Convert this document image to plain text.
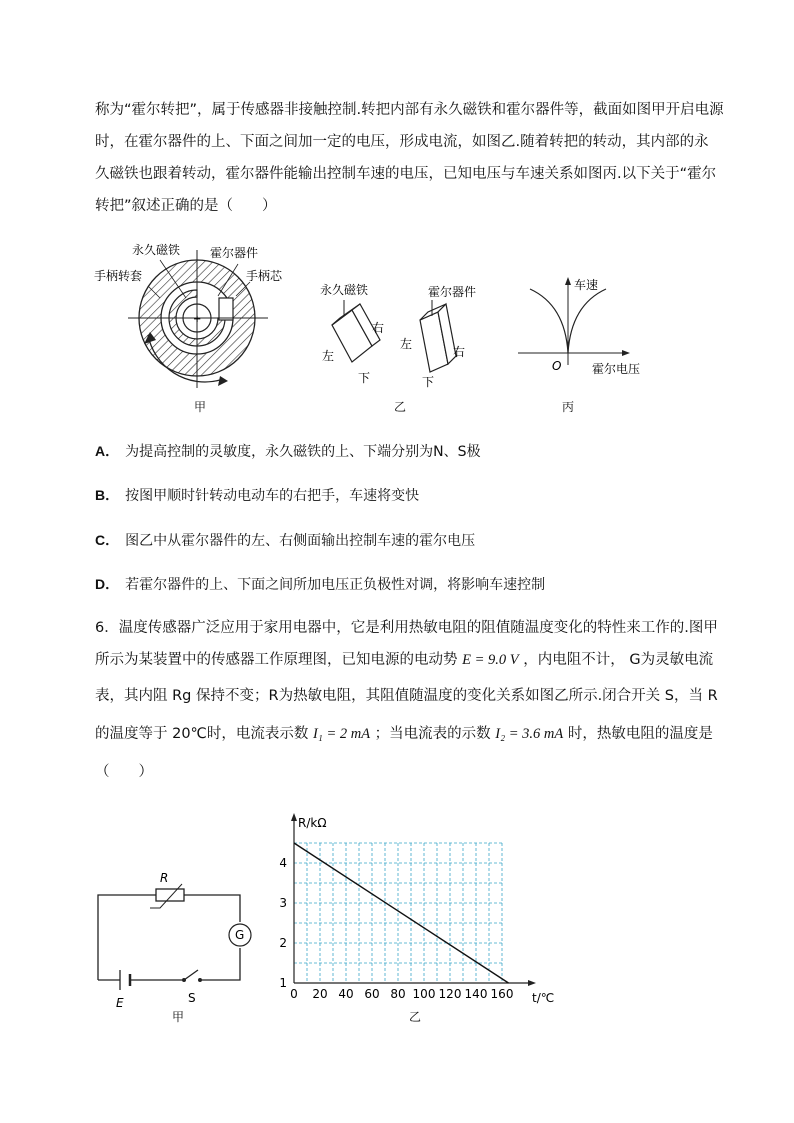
称为“霍尔转把”，属于传感器非接触控制.转把内部有永久磁铁和霍尔器件等，截面如图甲开启电源
时，在霍尔器件的上、下面之间加一定的电压，形成电流，如图乙.随着转把的转动，其内部的永
久磁铁也跟着转动，霍尔器件能输出控制车速的电压，已知电压与车速关系如图丙.以下关于“霍尔
转把”叙述正确的是（　　）
+
永久磁铁 霍尔器件
手柄转套	手柄芯
甲
永久磁铁
右
左
下
霍尔器件
左
右
下
乙
车速
霍尔电压
O
丙
A． 为提高控制的灵敏度，永久磁铁的上、下端分别为N、S极
B． 按图甲顺时针转动电动车的右把手，车速将变快
C． 图乙中从霍尔器件的左、右侧面输出控制车速的霍尔电压
D． 若霍尔器件的上、下面之间所加电压正负极性对调，将影响车速控制
6．温度传感器广泛应用于家用电器中，它是利用热敏电阻的阻值随温度变化的特性来工作的.图甲
所示为某装置中的传感器工作原理图，已知电源的电动势 E = 9.0 V ，内电阻不计， G为灵敏电流
表，其内阻 Rg 保持不变；R为热敏电阻，其阻值随温度的变化关系如图乙所示.闭合开关 S，当 R
的温度等于 20℃时，电流表示数 I₁ = 2 mA ；当电流表的示数 I₂ = 3.6 mA 时，热敏电阻的温度是
（　　）
R
G
E	S
甲
0 20 40 60 80 100 120 140 160
1
2
3
4
R/kΩ
t/℃
乙
